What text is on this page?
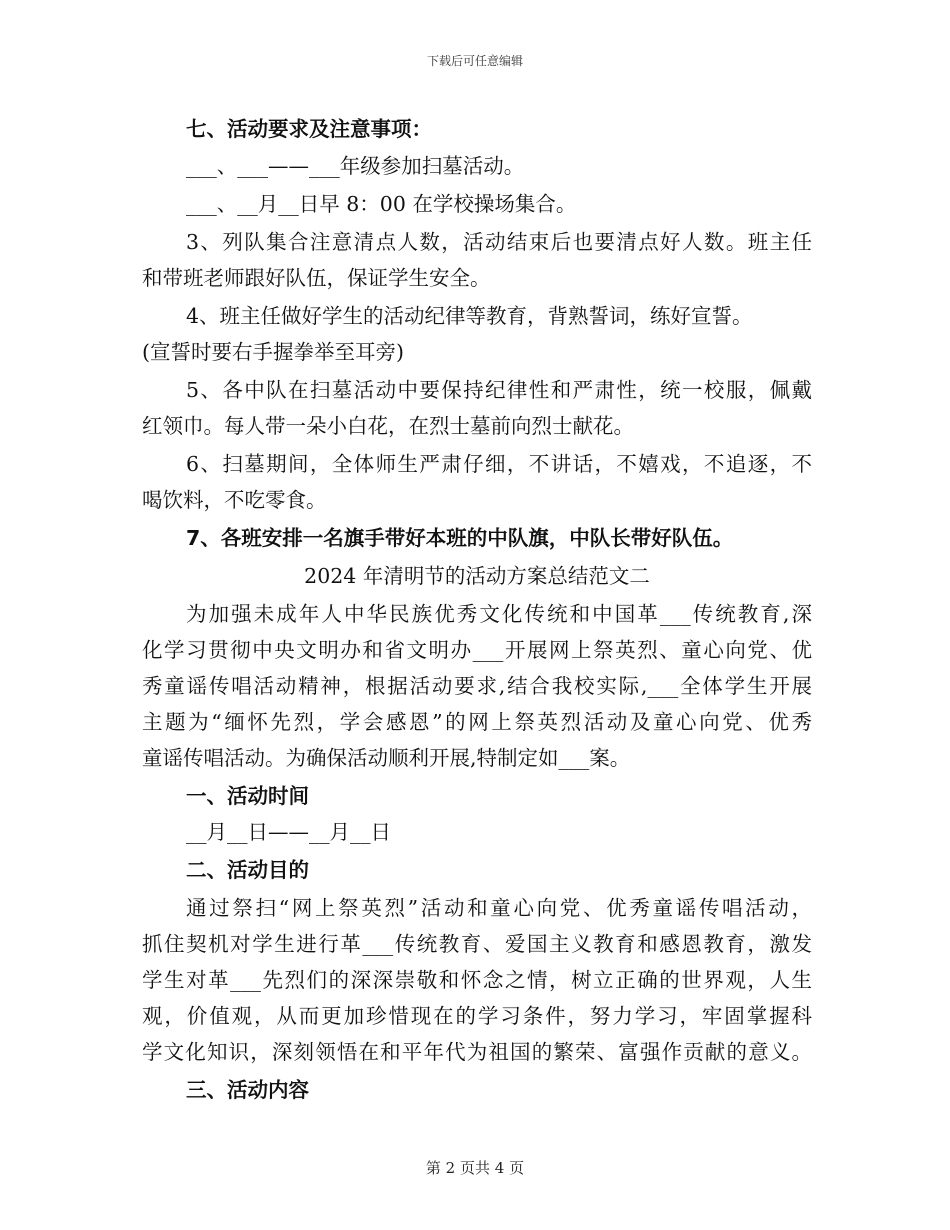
下载后可任意编辑
七、活动要求及注意事项：
___、___——___年级参加扫墓活动。
___、__月__日早 8：00 在学校操场集合。
3、列队集合注意清点人数，活动结束后也要清点好人数。班主任
和带班老师跟好队伍，保证学生安全。
4、班主任做好学生的活动纪律等教育，背熟誓词，练好宣誓。
(宣誓时要右手握拳举至耳旁)
5、各中队在扫墓活动中要保持纪律性和严肃性，统一校服，佩戴
红领巾。每人带一朵小白花，在烈士墓前向烈士献花。
6、扫墓期间，全体师生严肃仔细，不讲话，不嬉戏，不追逐，不
喝饮料，不吃零食。
7、各班安排一名旗手带好本班的中队旗，中队长带好队伍。
2024 年清明节的活动方案总结范文二
为加强未成年人中华民族优秀文化传统和中国革___传统教育,深
化学习贯彻中央文明办和省文明办___开展网上祭英烈、童心向党、优
秀童谣传唱活动精神，根据活动要求,结合我校实际,___全体学生开展
主题为“缅怀先烈，学会感恩”的网上祭英烈活动及童心向党、优秀
童谣传唱活动。为确保活动顺利开展,特制定如___案。
一、活动时间
__月__日——__月__日
二、活动目的
通过祭扫“网上祭英烈”活动和童心向党、优秀童谣传唱活动，
抓住契机对学生进行革___传统教育、爱国主义教育和感恩教育，激发
学生对革___先烈们的深深崇敬和怀念之情，树立正确的世界观，人生
观，价值观，从而更加珍惜现在的学习条件，努力学习，牢固掌握科
学文化知识，深刻领悟在和平年代为祖国的繁荣、富强作贡献的意义。
三、活动内容
第 2 页共 4 页
